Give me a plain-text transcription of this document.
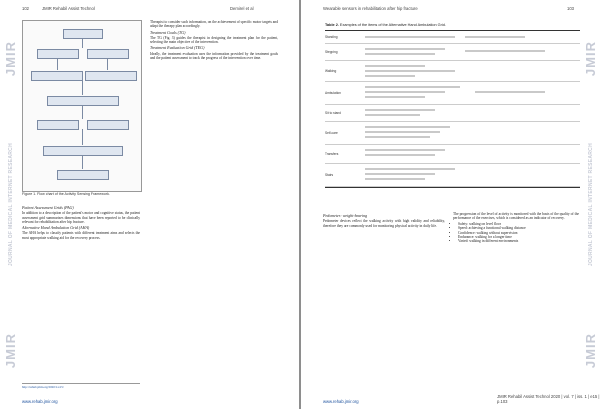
JMIR
JOURNAL OF MEDICAL INTERNET RESEARCH
JMIR
102	JMIR Rehabil Assist Technol	Demirel et al
Figure 1. Flow chart of the Activity Sensing Framework.
Patient Assessment Grids (PAG)

In addition to a description of the patient's motor and cognitive status, the patient assessment grid summarizes dimensions that have been reported to be clinically relevant for rehabilitation after hip fracture.

Alternative Hand Ambulation Grid (AHA)

The AHA helps to classify patients with different treatment aims and selects the most appropriate walking aid for the recovery process.

http://rehab.jmir.org/2020/1/e15/

Therapist to consider such information, on the achievement of specific motor targets and adapt the therapy plan accordingly.

Treatment Goals (TG)

The TG (Fig. 3) guides the therapist in designing the treatment plan for the patient, selecting the main objective of the intervention.

Treatment Evaluation Grid (TEG)

Ideally, the treatment evaluation uses the information provided by the treatment goals and the patient assessment to track the progress of the intervention over time.

www.rehab.jmir.org
JMIR
JOURNAL OF MEDICAL INTERNET RESEARCH
JMIR
Wearable sensors in rehabilitation after hip fracture	103
Table 2. Examples of the items of the Alternative Hand Ambulation Grid.
Standing
Stepping
Walking
Ambulation
Sit to stand
Self-care
Transfers
Stairs
Pedometer: weight-bearing

Pedometer devices reflect the walking activity with high validity and reliability, therefore they are commonly used for monitoring physical activity in daily life.

The progression of the level of activity is monitored with the basis of the quality of the performance of the exercises, which is considered as an indicator of recovery.

• Safety: walking on level floor
• Speed: achieving a functional walking distance
• Confidence: walking without supervision
• Endurance: walking for a longer time
• Varied: walking in different environments
www.rehab.jmir.org
JMIR Rehabil Assist Technol 2020 | vol. 7 | iss. 1 | e15 | p.103
